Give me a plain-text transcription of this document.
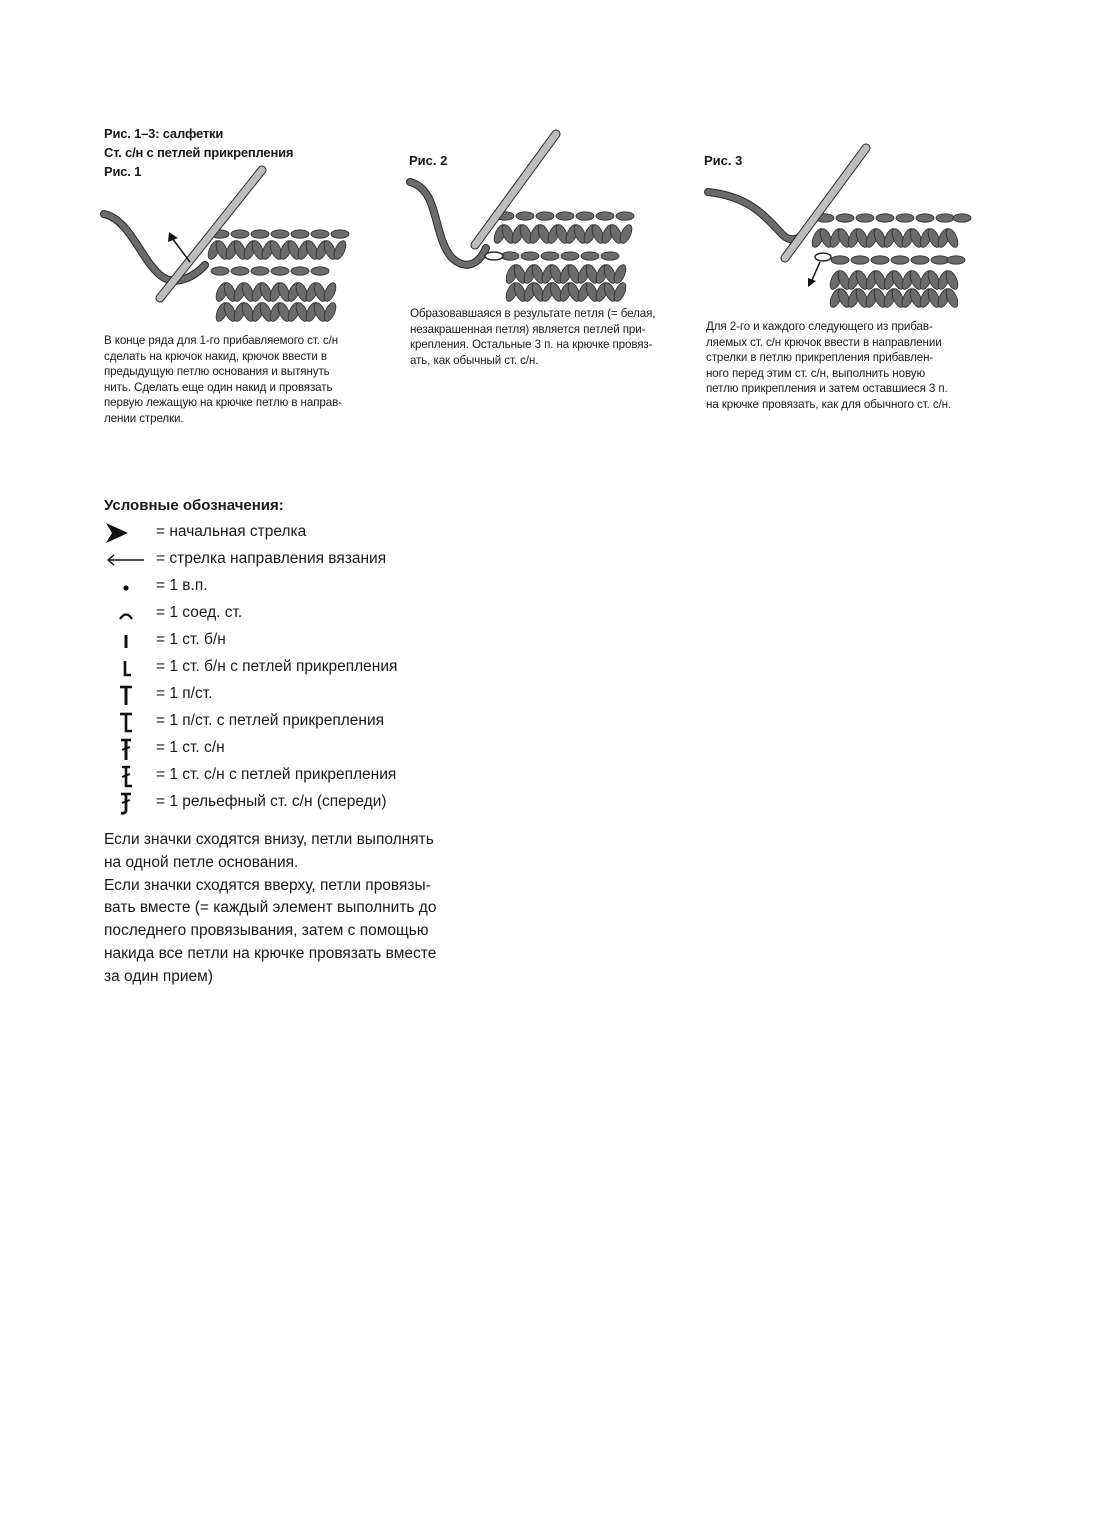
Рис. 1–3: салфетки
Ст. с/н с петлей прикрепления
Рис. 1
Рис. 2	Рис. 3
В конце ряда для 1-го прибавляемого ст. с/н
сделать на крючок накид, крючок ввести в
предыдущую петлю основания и вытянуть
нить. Сделать еще один накид и провязать
первую лежащую на крючке петлю в направ-
лении стрелки.
Образовавшаяся в результате петля (= белая,
незакрашенная петля) является петлей при-
крепления. Остальные 3 п. на крючке провяз-
ать, как обычный ст. с/н.
Для 2-го и каждого следующего из прибав-
ляемых ст. с/н крючок ввести в направлении
стрелки в петлю прикрепления прибавлен-
ного перед этим ст. с/н, выполнить новую
петлю прикрепления и затем оставшиеся 3 п.
на крючке провязать, как для обычного ст. с/н.
Условные обозначения:
= начальная стрелка
= стрелка направления вязания
= 1 в.п.
= 1 соед. ст.
= 1 ст. б/н
= 1 ст. б/н с петлей прикрепления
= 1 п/ст.
= 1 п/ст. с петлей прикрепления
= 1 ст. с/н
= 1 ст. с/н с петлей прикрепления
= 1 рельефный ст. с/н (спереди)
Если значки сходятся внизу, петли выполнять
на одной петле основания.
Если значки сходятся вверху, петли провязы-
вать вместе (= каждый элемент выполнить до
последнего провязывания, затем с помощью
накида все петли на крючке провязать вместе
за один прием)
